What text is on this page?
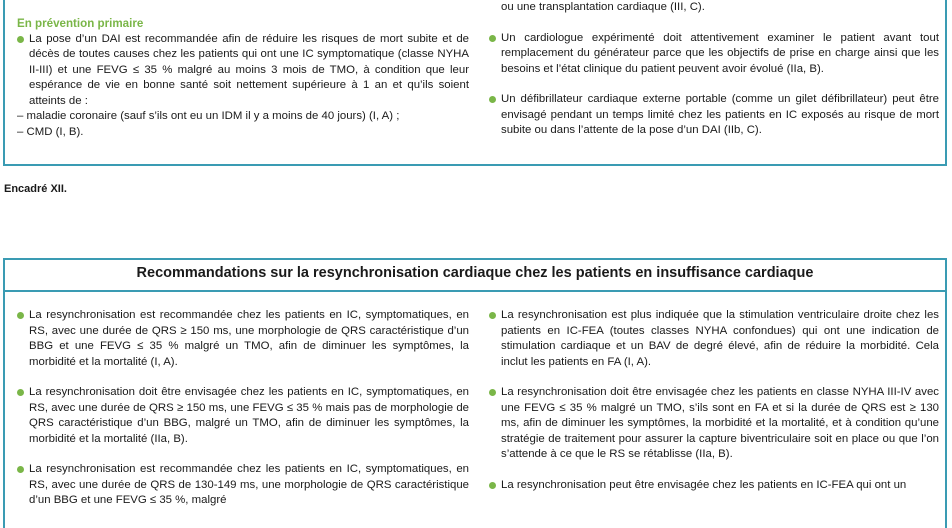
En prévention primaire
La pose d’un DAI est recommandée afin de réduire les risques de mort subite et de décès de toutes causes chez les patients qui ont une IC symptomatique (classe NYHA II-III) et une FEVG ≤ 35 % malgré au moins 3 mois de TMO, à condition que leur espérance de vie en bonne santé soit nettement supérieure à 1 an et qu’ils soient atteints de :
– maladie coronaire (sauf s’ils ont eu un IDM il y a moins de 40 jours) (I, A) ;
– CMD (I, B).
ou une transplantation cardiaque (III, C).
Un cardiologue expérimenté doit attentivement examiner le patient avant tout remplacement du générateur parce que les objectifs de prise en charge ainsi que les besoins et l’état clinique du patient peuvent avoir évolué (IIa, B).
Un défibrillateur cardiaque externe portable (comme un gilet défibrillateur) peut être envisagé pendant un temps limité chez les patients en IC exposés au risque de mort subite ou dans l’attente de la pose d’un DAI (IIb, C).
Encadré XII.
Recommandations sur la resynchronisation cardiaque chez les patients en insuffisance cardiaque
La resynchronisation est recommandée chez les patients en IC, symptomatiques, en RS, avec une durée de QRS ≥ 150 ms, une morphologie de QRS caractéristique d’un BBG et une FEVG ≤ 35 % malgré un TMO, afin de diminuer les symptômes, la morbidité et la mortalité (I, A).
La resynchronisation doit être envisagée chez les patients en IC, symptomatiques, en RS, avec une durée de QRS ≥ 150 ms, une FEVG ≤ 35 % mais pas de morphologie de QRS caractéristique d’un BBG, malgré un TMO, afin de diminuer les symptômes, la morbidité et la mortalité (IIa, B).
La resynchronisation est recommandée chez les patients en IC, symptomatiques, en RS, avec une durée de QRS de 130-149 ms, une morphologie de QRS caractéristique d’un BBG et une FEVG ≤ 35 %, malgré
La resynchronisation est plus indiquée que la stimulation ventriculaire droite chez les patients en IC-FEA (toutes classes NYHA confondues) qui ont une indication de stimulation cardiaque et un BAV de degré élevé, afin de réduire la morbidité. Cela inclut les patients en FA (I, A).
La resynchronisation doit être envisagée chez les patients en classe NYHA III-IV avec une FEVG ≤ 35 % malgré un TMO, s’ils sont en FA et si la durée de QRS est ≥ 130 ms, afin de diminuer les symptômes, la morbidité et la mortalité, et à condition qu’une stratégie de traitement pour assurer la capture biventriculaire soit en place ou que l’on s’attende à ce que le RS se rétablisse (IIa, B).
La resynchronisation peut être envisagée chez les patients en IC-FEA qui ont un
